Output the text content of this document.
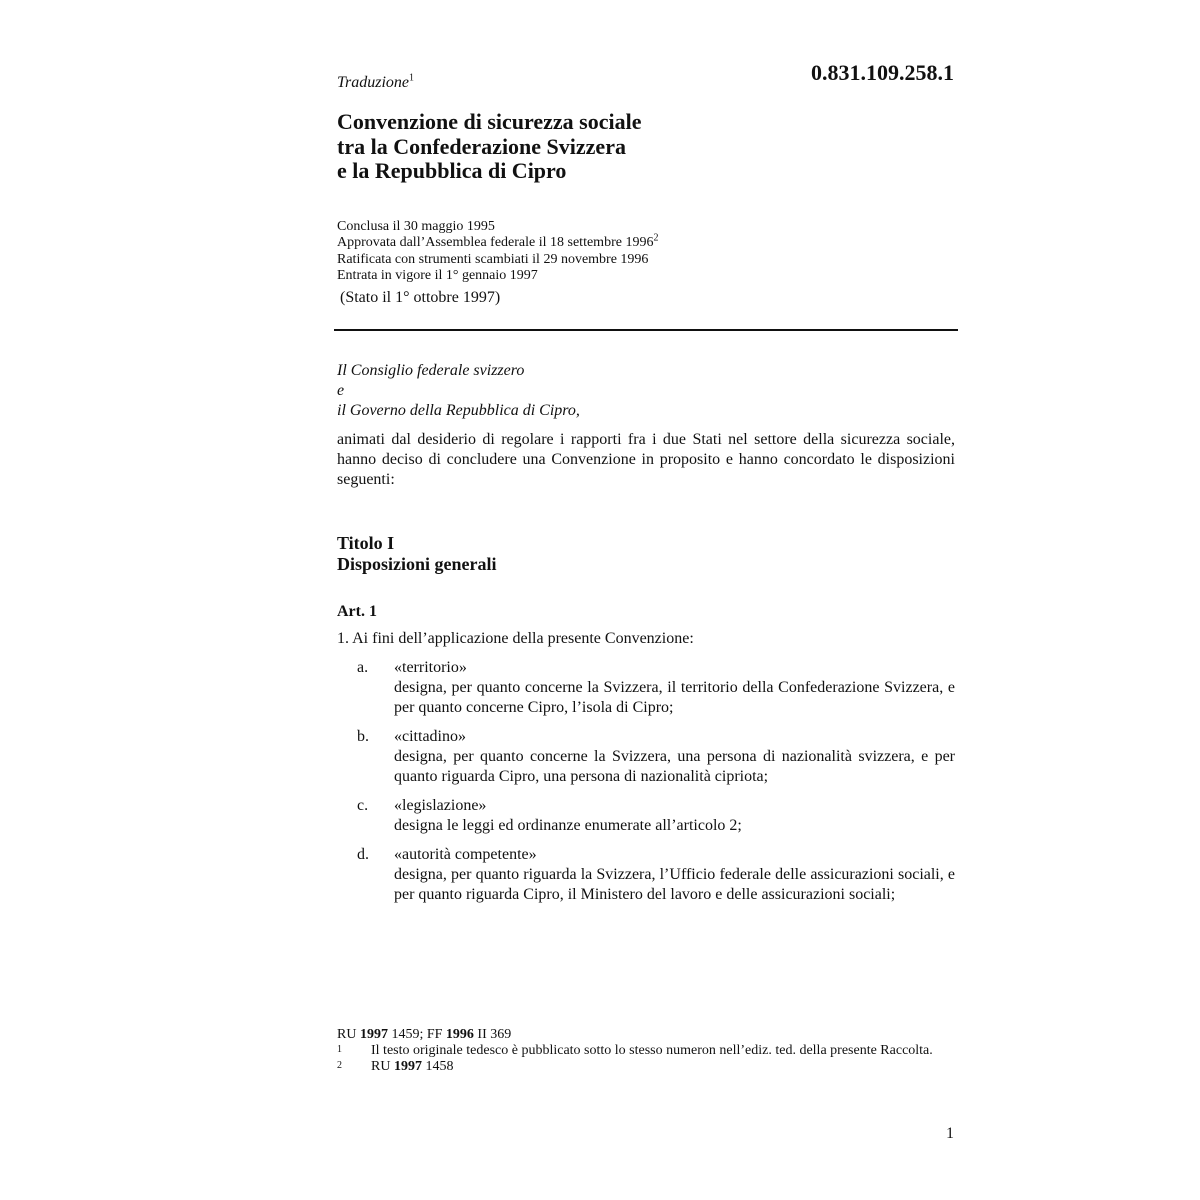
0.831.109.258.1
Traduzione$^1$
Convenzione di sicurezza sociale
tra la Confederazione Svizzera
e la Repubblica di Cipro
Conclusa il 30 maggio 1995
Approvata dall’Assemblea federale il 18 settembre 1996$^2$
Ratificata con strumenti scambiati il 29 novembre 1996
Entrata in vigore il 1° gennaio 1997
(Stato il 1° ottobre 1997)
Il Consiglio federale svizzero
e
il Governo della Repubblica di Cipro,
animati dal desiderio di regolare i rapporti fra i due Stati nel settore della sicurezza sociale, hanno deciso di concludere una Convenzione in proposito e hanno concordato le disposizioni seguenti:
Titolo I
Disposizioni generali
Art. 1
1. Ai fini dell’applicazione della presente Convenzione:
a.	«territorio»
designa, per quanto concerne la Svizzera, il territorio della Confederazione Svizzera, e per quanto concerne Cipro, l’isola di Cipro;
b.	«cittadino»
designa, per quanto concerne la Svizzera, una persona di nazionalità svizzera, e per quanto riguarda Cipro, una persona di nazionalità cipriota;
c.	«legislazione»
designa le leggi ed ordinanze enumerate all’articolo 2;
d.	«autorità competente»
designa, per quanto riguarda la Svizzera, l’Ufficio federale delle assicurazioni sociali, e per quanto riguarda Cipro, il Ministero del lavoro e delle assicurazioni sociali;
RU 1997 1459; FF 1996 II 369
1	Il testo originale tedesco è pubblicato sotto lo stesso numeron nell’ediz. ted. della presente Raccolta.
2	RU 1997 1458
1
